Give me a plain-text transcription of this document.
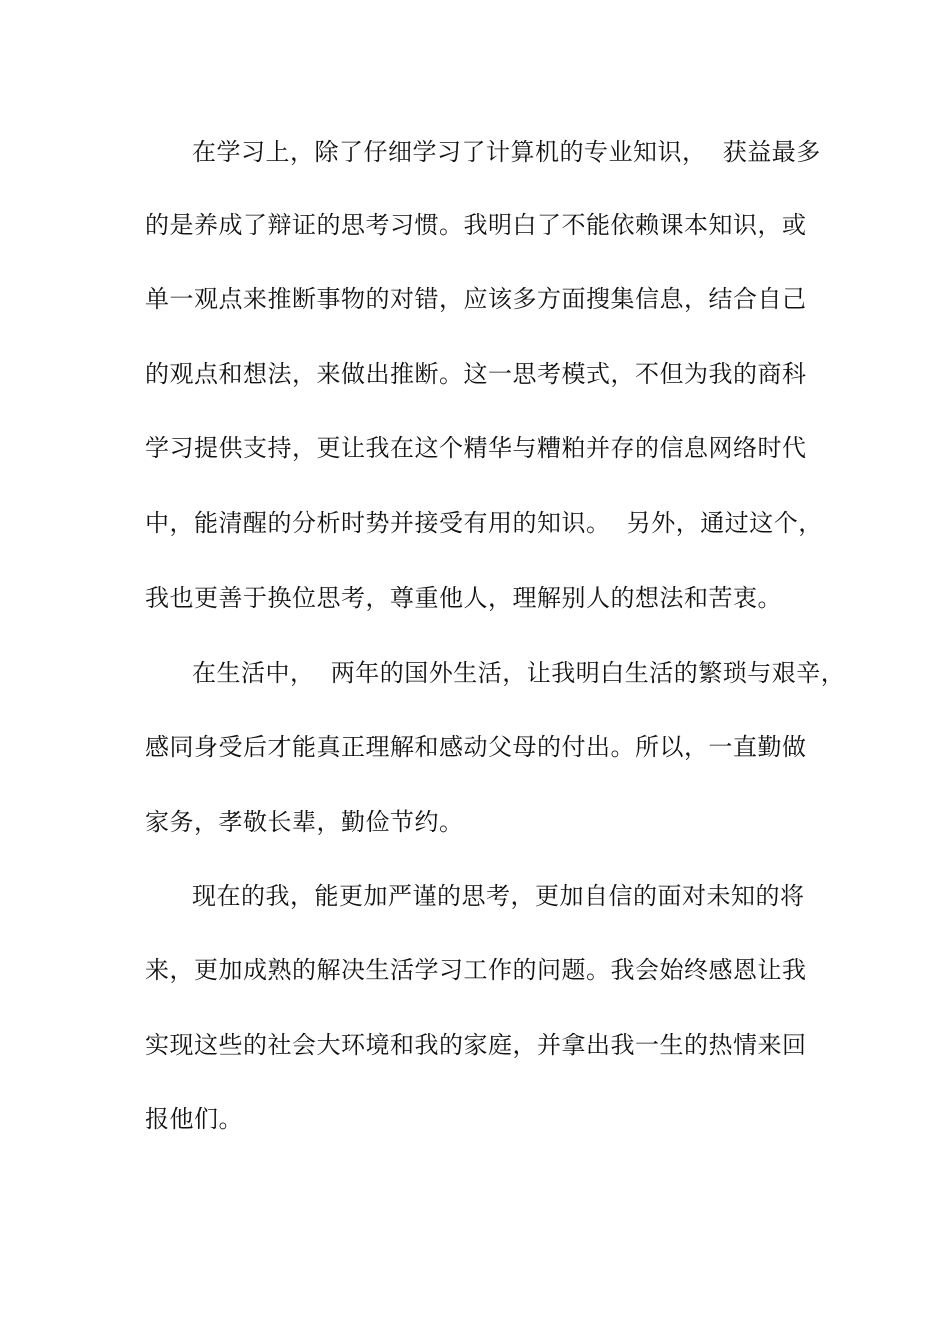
在学习上，除了仔细学习了计算机的专业知识，  获益最多
的是养成了辩证的思考习惯。我明白了不能依赖课本知识，或
单一观点来推断事物的对错，应该多方面搜集信息，结合自己
的观点和想法，来做出推断。这一思考模式，不但为我的商科
学习提供支持，更让我在这个精华与糟粕并存的信息网络时代
中，能清醒的分析时势并接受有用的知识。  另外，通过这个，
我也更善于换位思考，尊重他人，理解别人的想法和苦衷。
在生活中，  两年的国外生活，让我明白生活的繁琐与艰辛，
感同身受后才能真正理解和感动父母的付出。所以，一直勤做
家务，孝敬长辈，勤俭节约。
现在的我，能更加严谨的思考，更加自信的面对未知的将
来，更加成熟的解决生活学习工作的问题。我会始终感恩让我
实现这些的社会大环境和我的家庭，并拿出我一生的热情来回
报他们。
